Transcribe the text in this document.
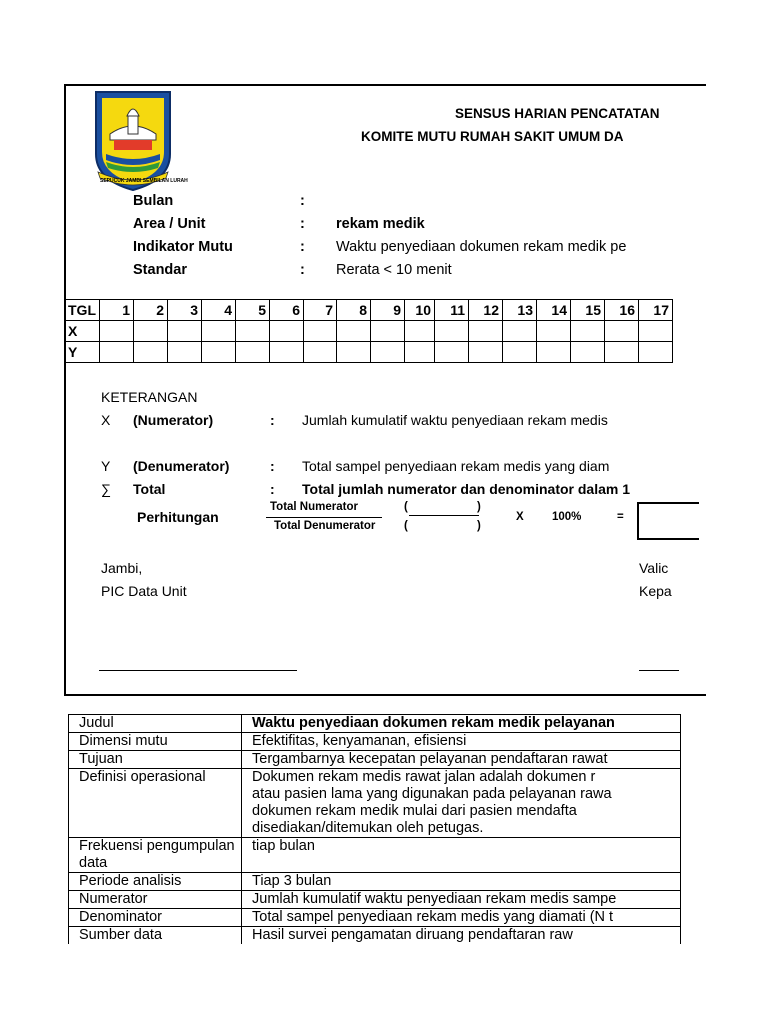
SEPUCUK JAMBI SEMBILAN LURAH
SENSUS HARIAN PENCATATAN
KOMITE MUTU RUMAH SAKIT UMUM DA
Bulan	:
Area / Unit	: rekam medik
Indikator Mutu	: Waktu penyediaan dokumen rekam medik pe
Standar	: Rerata < 10 menit
TGL	1	2	3	4	5	6	7	8	9	10	11	12	13	14	15	16	17
X																	
Y																	
KETERANGAN
X (Numerator)	: Jumlah kumulatif waktu penyediaan rekam medis
Y (Denumerator)	: Total sampel penyediaan rekam medis yang diam
∑ Total	: Total jumlah numerator dan denominator dalam 1
Perhitungan
Total Numerator
Total Denumerator
(	)
(	)
X 100%	=
Jambi,
PIC Data Unit
Valic
Kepa
Judul	Waktu penyediaan dokumen rekam medik pelayanan

Dimensi mutu	Efektifitas, kenyamanan, efisiensi

Tujuan	Tergambarnya kecepatan pelayanan pendaftaran rawat

Definisi operasional	Dokumen rekam medis rawat jalan adalah dokumen r
atau pasien lama yang digunakan pada pelayanan rawa
dokumen rekam medik mulai dari pasien mendafta
disediakan/ditemukan oleh petugas.

Frekuensi pengumpulan data	tiap bulan

Periode analisis	Tiap 3 bulan

Numerator	Jumlah kumulatif waktu penyediaan rekam medis sampe

Denominator	Total sampel penyediaan rekam medis yang diamati (N t

Sumber data	Hasil survei pengamatan diruang pendaftaran raw
